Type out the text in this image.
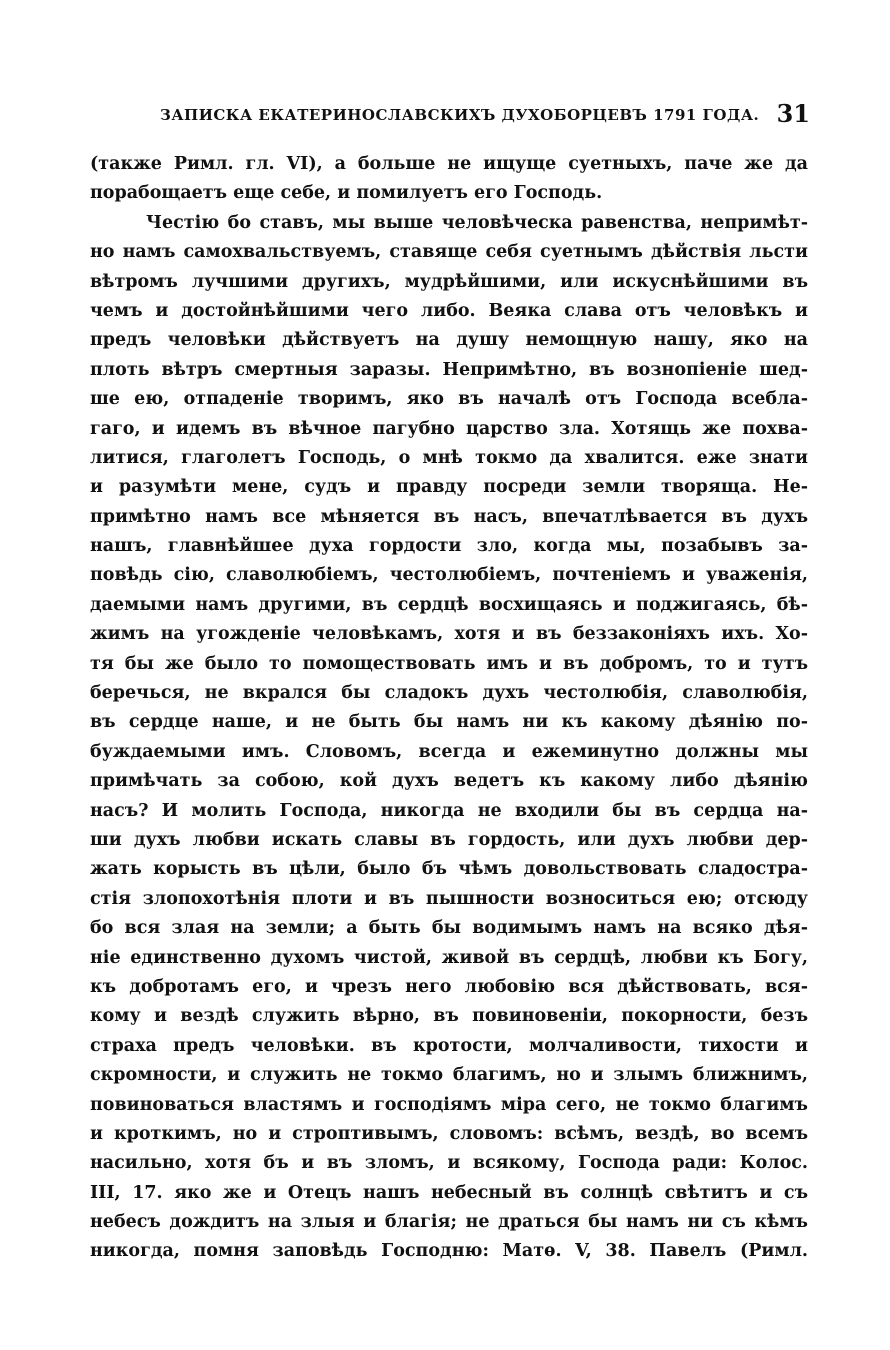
ЗАПИСКА ЕКАТЕРИНОСЛАВСКИХЪ ДУХОБОРЦЕВЪ 1791 ГОДА. 31
(также Римл. гл. VI), а больше не ищуще суетныхъ, паче же да
порабощаетъ еще себе, и помилуетъ его Господь.
Честію бо ставъ, мы выше человѣческа равенства, непримѣт-
но намъ самохвальствуемъ, ставяще себя суетнымъ дѣйствія льсти
вѣтромъ лучшими другихъ, мудрѣйшими, или искуснѣйшими въ
чемъ и достойнѣйшими чего либо. Веяка слава отъ человѣкъ и
предъ человѣки дѣйствуетъ на душу немощную нашу, яко на
плоть вѣтръ смертныя заразы. Непримѣтно, въ вознопіеніе шед-
ше ею, отпаденіе творимъ, яко въ началѣ отъ Господа всебла-
гаго, и идемъ въ вѣчное пагубно царство зла. Хотящь же похва-
литися, глаголетъ Господь, о мнѣ токмо да хвалится. еже знати
и разумѣти мене, судъ и правду посреди земли творяща. Не-
примѣтно намъ все мѣняется въ насъ, впечатлѣвается въ духъ
нашъ, главнѣйшее духа гордости зло, когда мы, позабывъ за-
повѣдь сію, славолюбіемъ, честолюбіемъ, почтеніемъ и уваженія,
даемыми намъ другими, въ сердцѣ восхищаясь и поджигаясь, бѣ-
жимъ на угожденіе человѣкамъ, хотя и въ беззаконіяхъ ихъ. Хо-
тя бы же было то помоществовать имъ и въ добромъ, то и тутъ
беречься, не вкрался бы сладокъ духъ честолюбія, славолюбія,
въ сердце наше, и не быть бы намъ ни къ какому дѣянію по-
буждаемыми имъ. Словомъ, всегда и ежеминутно должны мы
примѣчать за собою, кой духъ ведетъ къ какому либо дѣянію
насъ? И молить Господа, никогда не входили бы въ сердца на-
ши духъ любви искать славы въ гордость, или духъ любви дер-
жать корысть въ цѣли, было бъ чѣмъ довольствовать сладостра-
стія злопохотѣнія плоти и въ пышности возноситься ею; отсюду
бо вся злая на земли; а быть бы водимымъ намъ на всяко дѣя-
ніе единственно духомъ чистой, живой въ сердцѣ, любви къ Богу,
къ добротамъ его, и чрезъ него любовію вся дѣйствовать, вся-
кому и вездѣ служить вѣрно, въ повиновеніи, покорности, безъ
страха предъ человѣки. въ кротости, молчаливости, тихости и
скромности, и служить не токмо благимъ, но и злымъ ближнимъ,
повиноваться властямъ и господіямъ міра сего, не токмо благимъ
и кроткимъ, но и строптивымъ, словомъ: всѣмъ, вездѣ, во всемъ
насильно, хотя бъ и въ зломъ, и всякому, Господа ради: Колос.
III, 17. яко же и Отецъ нашъ небесный въ солнцѣ свѣтитъ и съ
небесъ дождитъ на злыя и благія; не драться бы намъ ни съ кѣмъ
никогда, помня заповѣдь Господню: Матѳ. V, 38. Павелъ (Римл.
